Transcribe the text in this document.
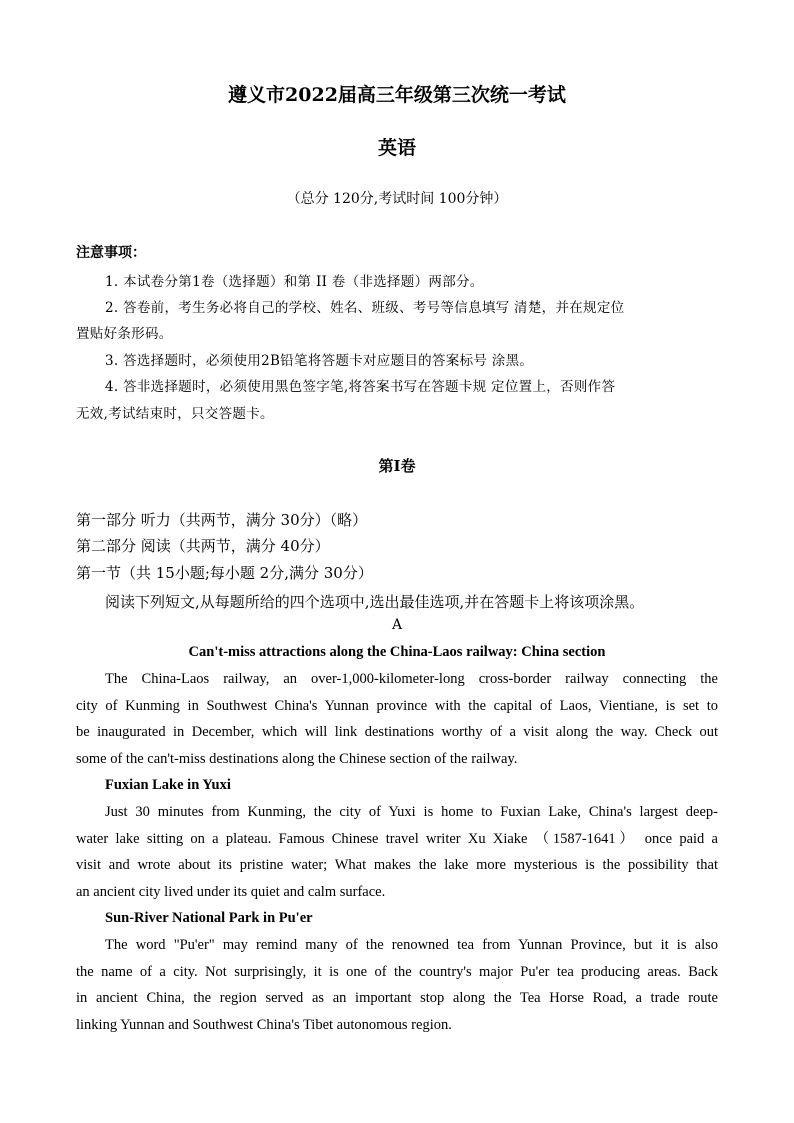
遵义市2022届高三年级第三次统一考试
英语
（总分 120分,考试时间 100分钟）
注意事项：
1. 本试卷分第1卷（选择题）和第 II 卷（非选择题）两部分。
2. 答卷前，考生务必将自己的学校、姓名、班级、考号等信息填写 清楚，并在规定位
置贴好条形码。
3. 答选择题时，必须使用2B铅笔将答题卡对应题目的答案标号 涂黑。
4. 答非选择题时，必须使用黑色签字笔,将答案书写在答题卡规 定位置上，否则作答
无效,考试结束时，只交答题卡。
第I卷
第一部分 听力（共两节，满分 30分）（略）
第二部分 阅读（共两节，满分 40分）
第一节（共 15小题;每小题 2分,满分 30分）
阅读下列短文,从每题所给的四个选项中,选出最佳选项,并在答题卡上将该项涂黑。
A
Can't-miss attractions along the China-Laos railway: China section
The China-Laos railway, an over-1,000-kilometer-long cross-border railway connecting the
city of Kunming in Southwest China's Yunnan province with the capital of Laos, Vientiane, is set to
be inaugurated in December, which will link destinations worthy of a visit along the way. Check out
some of the can't-miss destinations along the Chinese section of the railway.
Fuxian Lake in Yuxi
Just 30 minutes from Kunming, the city of Yuxi is home to Fuxian Lake, China's largest deep-
water lake sitting on a plateau. Famous Chinese travel writer Xu Xiake （1587-1641） once paid a
visit and wrote about its pristine water; What makes the lake more mysterious is the possibility that
an ancient city lived under its quiet and calm surface.
Sun-River National Park in Pu'er
The word "Pu'er" may remind many of the renowned tea from Yunnan Province, but it is also
the name of a city. Not surprisingly, it is one of the country's major Pu'er tea producing areas. Back
in ancient China, the region served as an important stop along the Tea Horse Road, a trade route
linking Yunnan and Southwest China's Tibet autonomous region.
